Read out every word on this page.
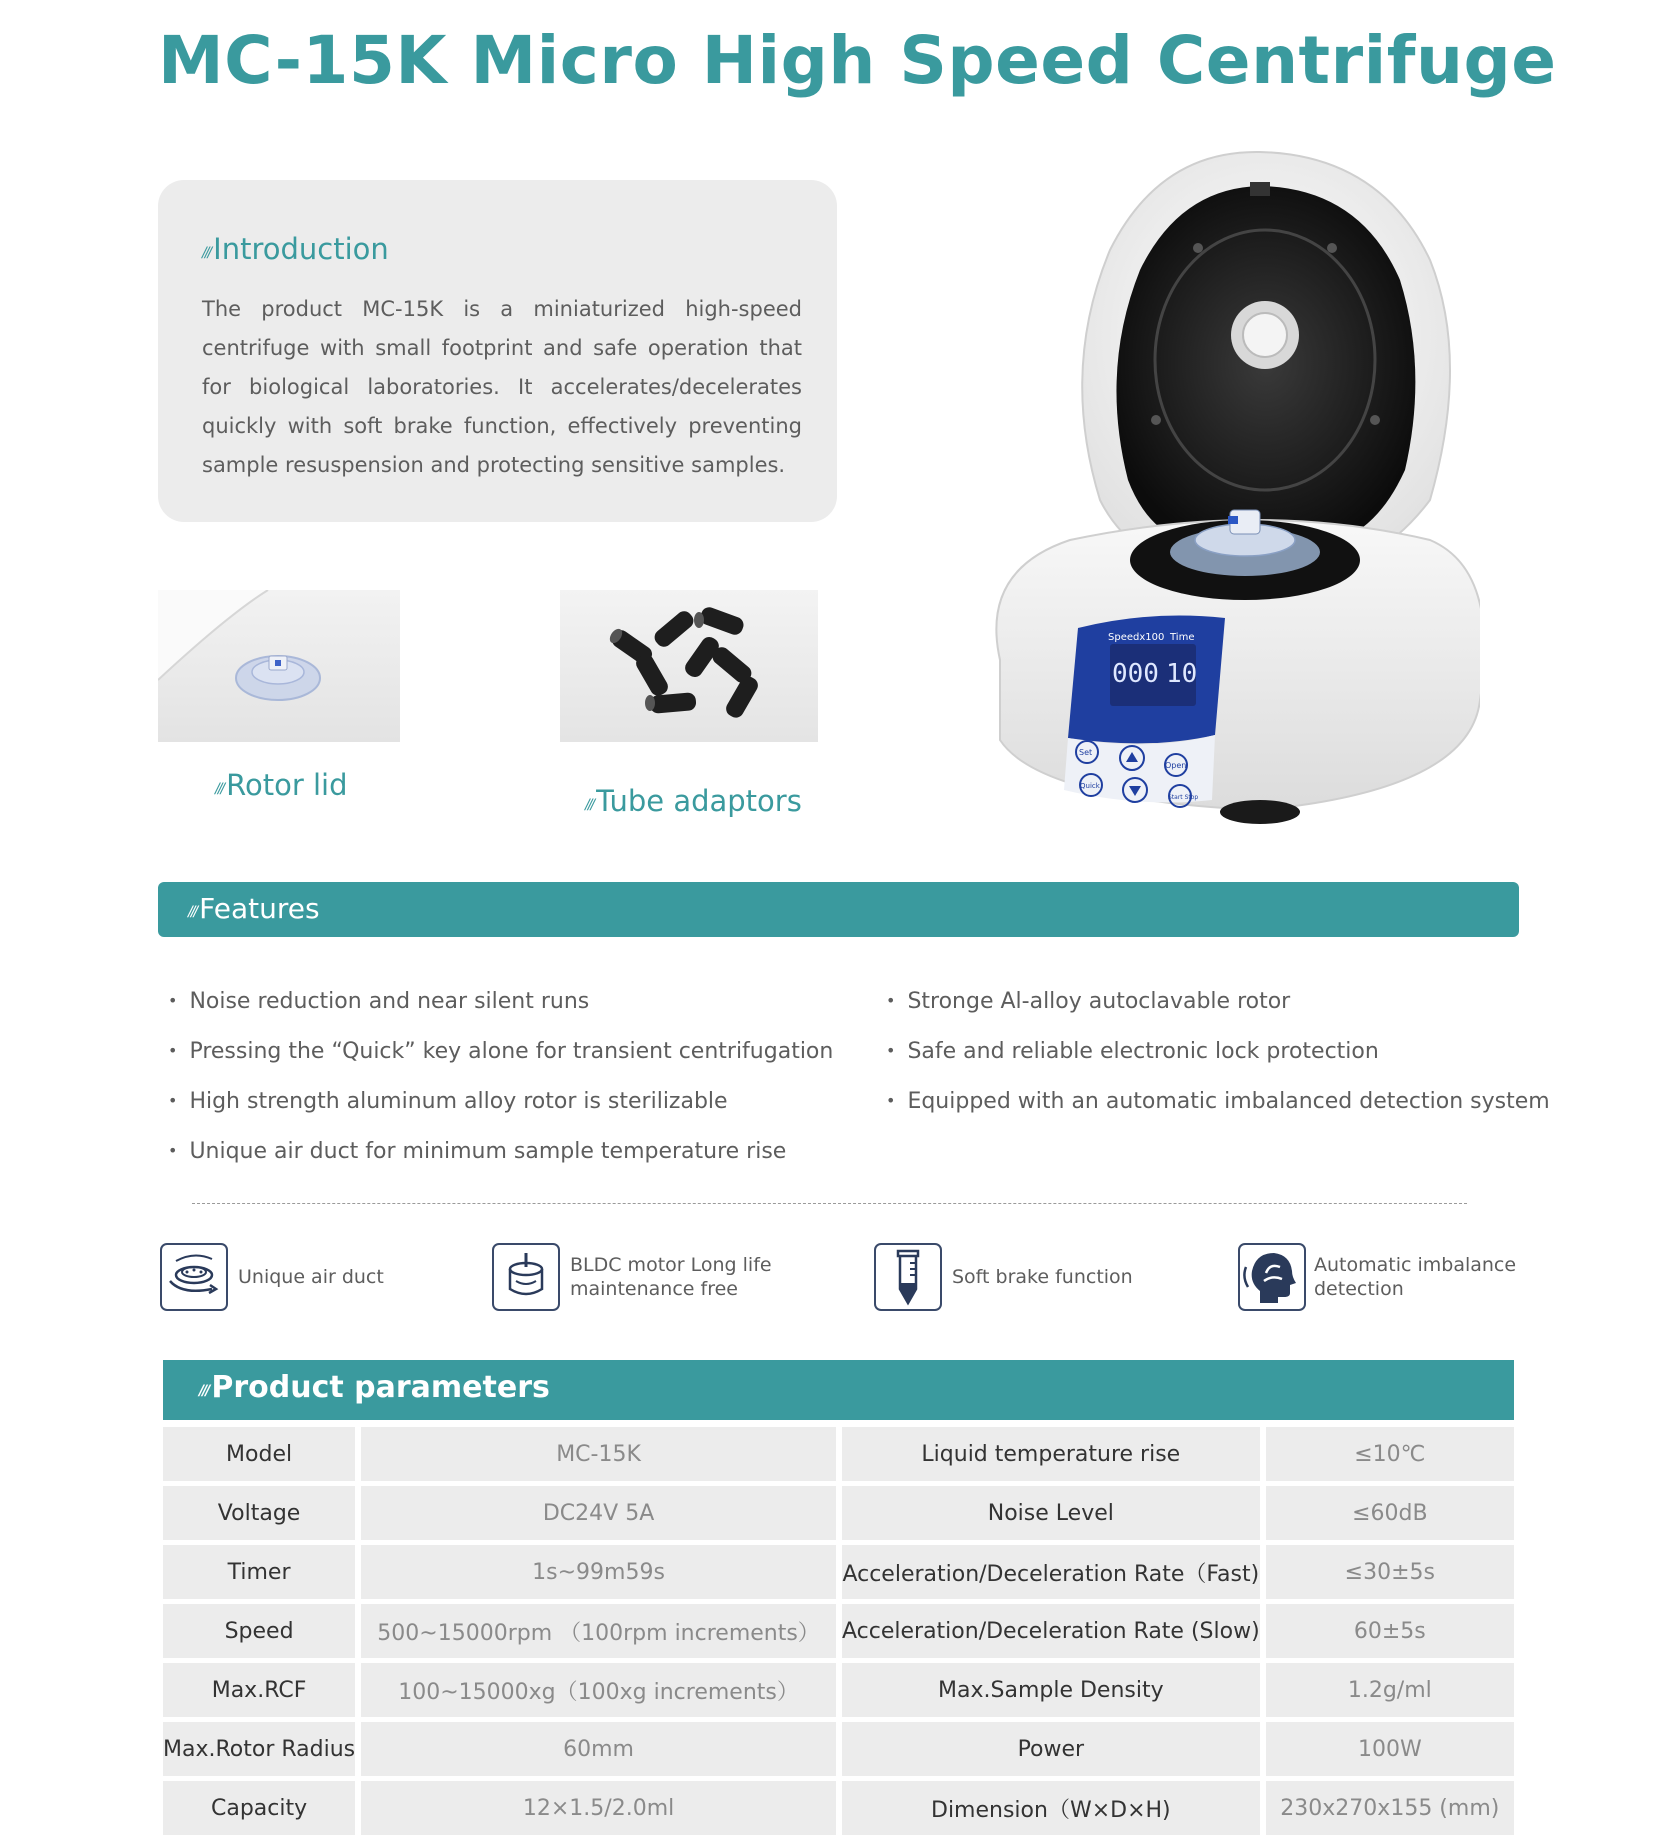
MC-15K Micro High Speed Centrifuge
/// Introduction
The product MC-15K is a miniaturized high-speed centrifuge with small footprint and safe operation that for biological laboratories. It accelerates/decelerates quickly with soft brake function, effectively preventing sample resuspension and protecting sensitive samples.
/// Rotor lid
/// Tube adaptors
Speedx100 Time
000 10
Set
Open
Quick
Start Stop
/// Features
• Noise reduction and near silent runs
• Pressing the “Quick” key alone for transient centrifugation
• High strength aluminum alloy rotor is sterilizable
• Unique air duct for minimum sample temperature rise
• Stronge Al-alloy autoclavable rotor
• Safe and reliable electronic lock protection
• Equipped with an automatic imbalanced detection system
Unique air duct
BLDC motor Long life maintenance free
Soft brake function
Automatic imbalance detection
/// Product parameters
Model	MC-15K	Liquid temperature rise	≤10℃
Voltage	DC24V 5A	Noise Level	≤60dB
Timer	1s~99m59s	Acceleration/Deceleration Rate（Fast)	≤30±5s
Speed	500~15000rpm （100rpm increments）	Acceleration/Deceleration Rate (Slow)	60±5s
Max.RCF	100~15000xg（100xg increments）	Max.Sample Density	1.2g/ml
Max.Rotor Radius	60mm	Power	100W
Capacity	12×1.5/2.0ml	Dimension（W×D×H)	230x270x155 (mm)
